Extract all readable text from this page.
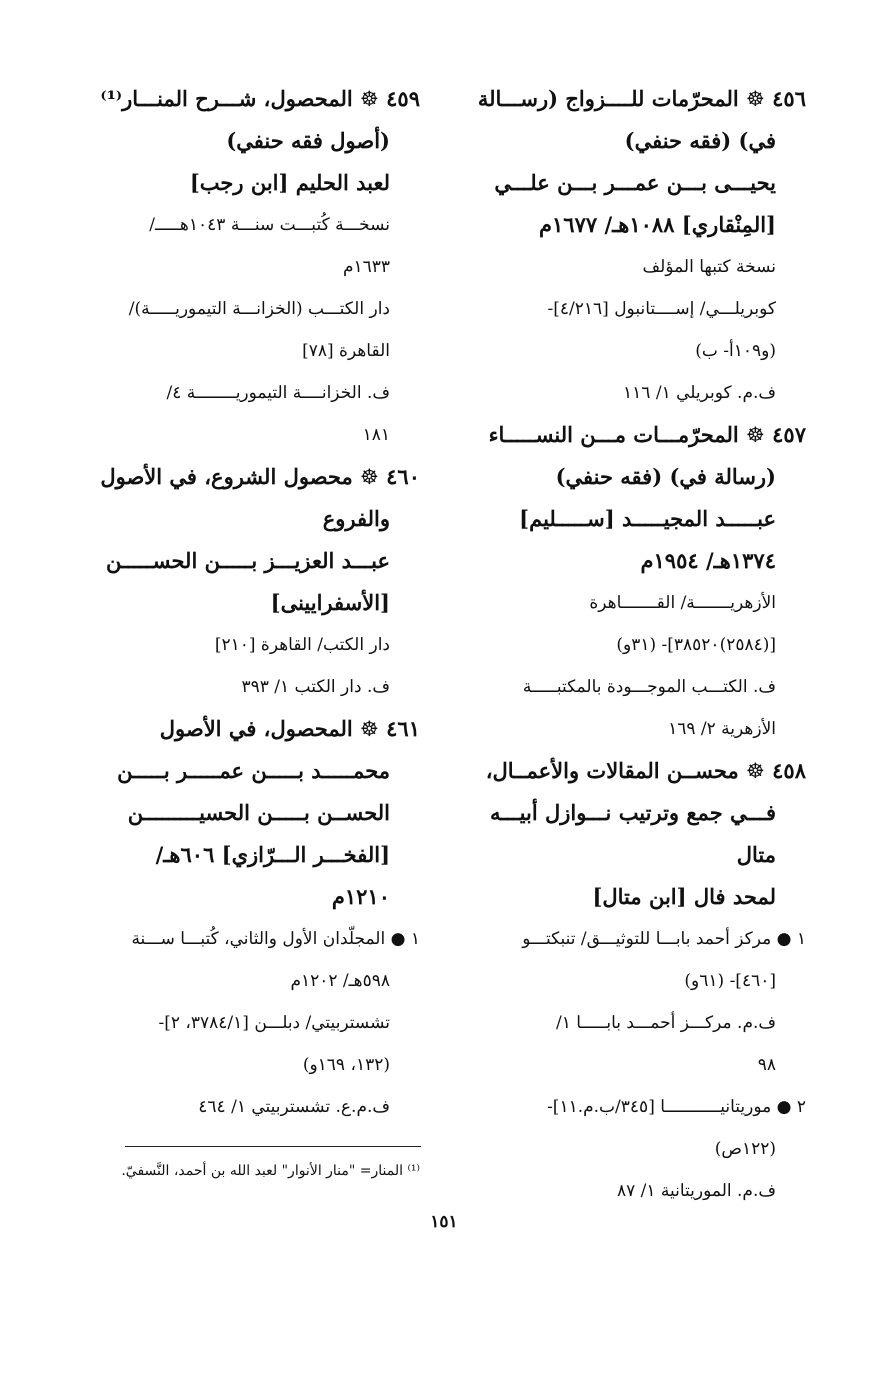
٤٥٦ ☸ المحرّمات للــــزواج (رســـالة
في) (فقه حنفي)
يحيـــى بـــن عمـــر بـــن علـــي
[المِنْقاري] ١٠٨٨هـ/ ١٦٧٧م
نسخة كتبها المؤلف
كوبريلـــي/ إســــتانبول [٤/٢١٦]-
(و١٠٩أ- ب)
ف.م. كوبريلي ١/ ١١٦
٤٥٧ ☸ المحرّمـــات مـــن النســـــاء
(رسالة في) (فقه حنفي)
عبـــــد المجيـــــد [ســـــليم]
١٣٧٤هـ/ ١٩٥٤م
الأزهريـــــــة/ القـــــــاهرة
[(٢٥٨٤)٣٨٥٢٠]- (٣١و)
ف. الكتـــب الموجـــودة بالمكتبـــــة
الأزهرية ٢/ ١٦٩
٤٥٨ ☸ محســن المقالات والأعمــال،
فـــي جمع وترتيب نـــوازل أبيـــه
متال
لمحد فال [ابن متال]
١ ● مركز أحمد بابـــا للتوثيـــق/ تنبكتـــو
[٤٦٠]- (٦١و)
ف.م. مركـــز أحمـــد بابـــــا ١/
٩٨
٢ ● موريتانيـــــــــــا [٣٤٥/ب.م.١١]-
(١٢٢ص)
ف.م. الموريتانية ١/ ٨٧
٤٥٩ ☸ المحصول، شـــرح المنـــار⁽¹⁾
(أصول فقه حنفي)
لعبد الحليم [ابن رجب]
نسخـــة كُتبـــت سنـــة ١٠٤٣هـــــ/
١٦٣٣م
دار الكتـــب (الخزانـــة التيموريـــــة)/
القاهرة [٧٨]
ف. الخزانــــة التيموريــــــــة ٤/
١٨١
٤٦٠ ☸ محصول الشروع، في الأصول
والفروع
عبـــد العزيـــز بـــــن الحســـــن
[الأسفرايينى]
دار الكتب/ القاهرة [٢١٠]
ف. دار الكتب ١/ ٣٩٣
٤٦١ ☸ المحصول، في الأصول
محمـــــد بـــــن عمـــــر بـــــن
الحســن بـــــن الحسيـــــــــن
[الفخـــر الـــرّازي] ٦٠٦هـ/
١٢١٠م
١ ● المجلّدان الأول والثاني، كُتبـــا ســـنة
٥٩٨هـ/ ١٢٠٢م
تشستربيتي/ دبلـــن [٣٧٨٤/١، ٢]-
(١٣٢، ١٦٩و)
ف.م.ع. تشستربيتي ١/ ٤٦٤
⁽¹⁾ المنار= "منار الأنوار" لعبد الله بن أحمد، النَّسفيّ.
١٥١
